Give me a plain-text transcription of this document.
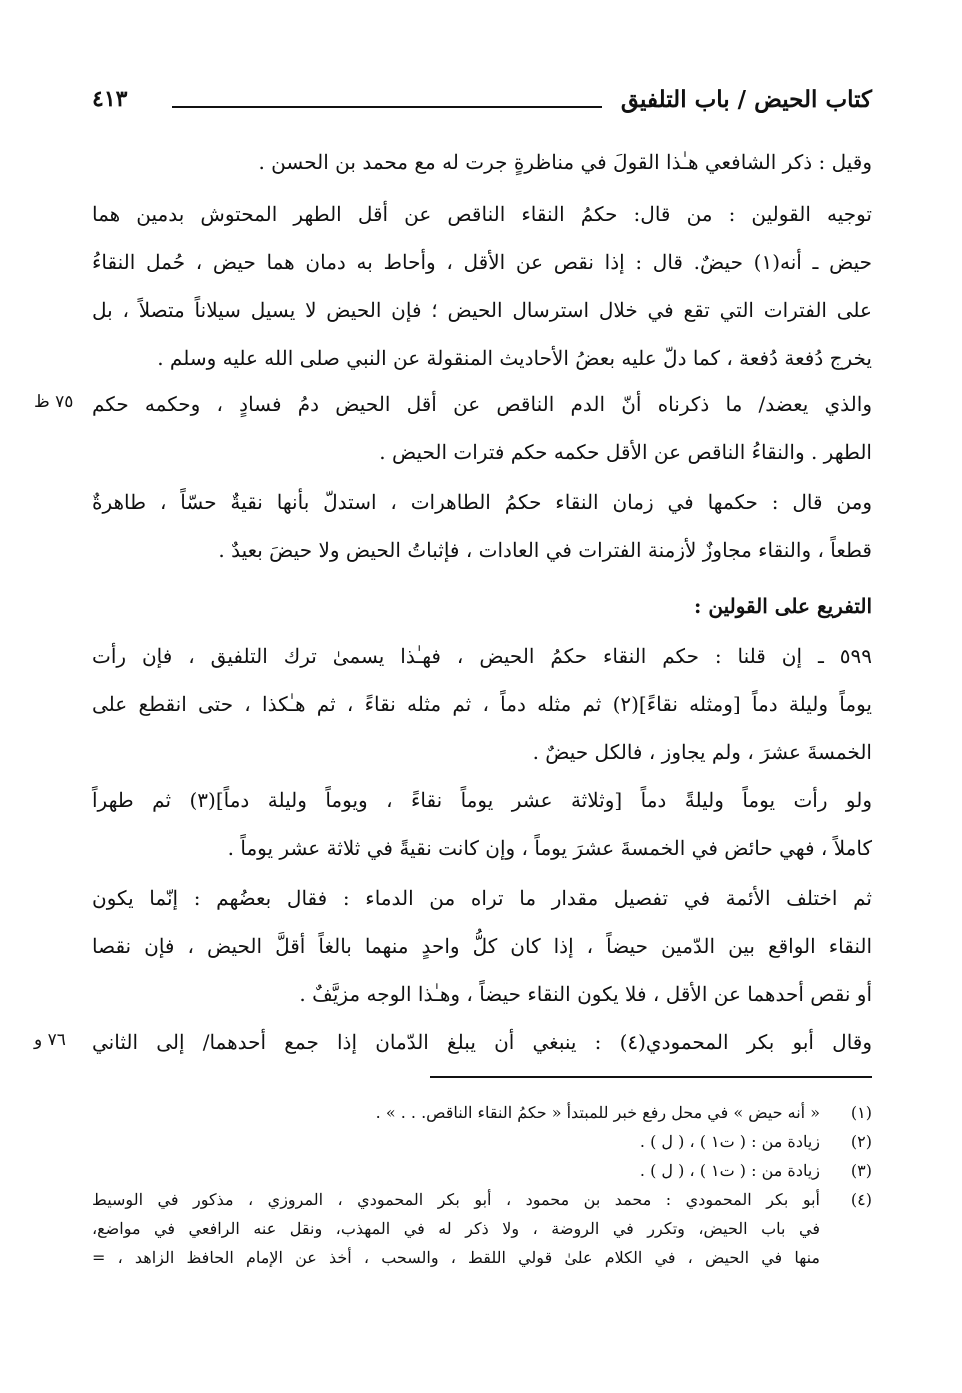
كتاب الحيض / باب التلفيق
٤١٣
وقيل : ذكر الشافعي هـٰذا القولَ في مناظرةٍ جرت له مع محمد بن الحسن .
توجيه القولين : من قال: حكمُ النقاء الناقص عن أقل الطهر المحتوش بدمين هما
حيض ـ أنه(١) حيضٌ. قال : إذا نقص عن الأقل ، وأحاط به دمان هما حيض ، حُمل النقاءُ
على الفترات التي تقع في خلال استرسال الحيض ؛ فإن الحيض لا يسيل سيلاناً متصلاً ، بل
يخرج دُفعة دُفعة ، كما دلّ عليه بعضُ الأحاديث المنقولة عن النبي صلى الله عليه وسلم .
والذي يعضد/ ما ذكرناه أنّ الدم الناقص عن أقل الحيض دمُ فسادٍ ، وحكمه حكم
الطهر . والنقاءُ الناقص عن الأقل حكمه حكم فترات الحيض .
٧٥ ظ
ومن قال : حكمها في زمان النقاء حكمُ الطاهرات ، استدلّ بأنها نقيةٌ حسّاً ، طاهرةٌ
قطعاً ، والنقاء مجاوزٌ لأزمنة الفترات في العادات ، فإثباتُ الحيض ولا حيضَ بعيدٌ .
التفريع على القولين :
٥٩٩ ـ إن قلنا : حكم النقاء حكمُ الحيض ، فهـٰذا يسمىٰ ترك التلفيق ، فإن رأت
يوماً وليلة دماً [ومثله نقاءً](٢) ثم مثله دماً ، ثم مثله نقاءً ، ثم هـٰكذا ، حتى انقطع على
الخمسةَ عشرَ ، ولم يجاوز ، فالكل حيضٌ .
ولو رأت يوماً وليلةً دماً [وثلاثة عشر يوماً نقاءً ، ويوماً وليلة دماً](٣) ثم طهراً
كاملاً ، فهي حائض في الخمسةَ عشرَ يوماً ، وإن كانت نقيةً في ثلاثة عشر يوماً .
ثم اختلف الأئمة في تفصيل مقدار ما تراه من الدماء : فقال بعضُهم : إنّما يكون
النقاء الواقع بين الدّمين حيضاً ، إذا كان كلُّ واحدٍ منهما بالغاً أقلَّ الحيض ، فإن نقصا
أو نقص أحدهما عن الأقل ، فلا يكون النقاء حيضاً ، وهـٰذا الوجه مزيَّفٌ .
وقال أبو بكر المحمودي(٤) : ينبغي أن يبلغ الدّمان إذا جمع أحدهما/ إلى الثاني
٧٦ و
(١)
« أنه حيض » في محل رفع خبر للمبتدأ « حكمُ النقاء الناقص. . . » .
(٢)
زيادة من : ( ت١ ) ، ( ل ) .
(٣)
زيادة من : ( ت١ ) ، ( ل ) .
(٤)
أبو بكر المحمودي : محمد بن محمود ، أبو بكر المحمودي ، المروزي ، مذكور في الوسيط
في باب الحيض، وتكرر في الروضة ، ولا ذكر له في المهذب، ونقل عنه الرافعي في مواضع،
منها في الحيض ، في الكلام علىٰ قولي اللقط ، والسحب ، أخذ عن الإمام الحافظ الزاهد ، =
